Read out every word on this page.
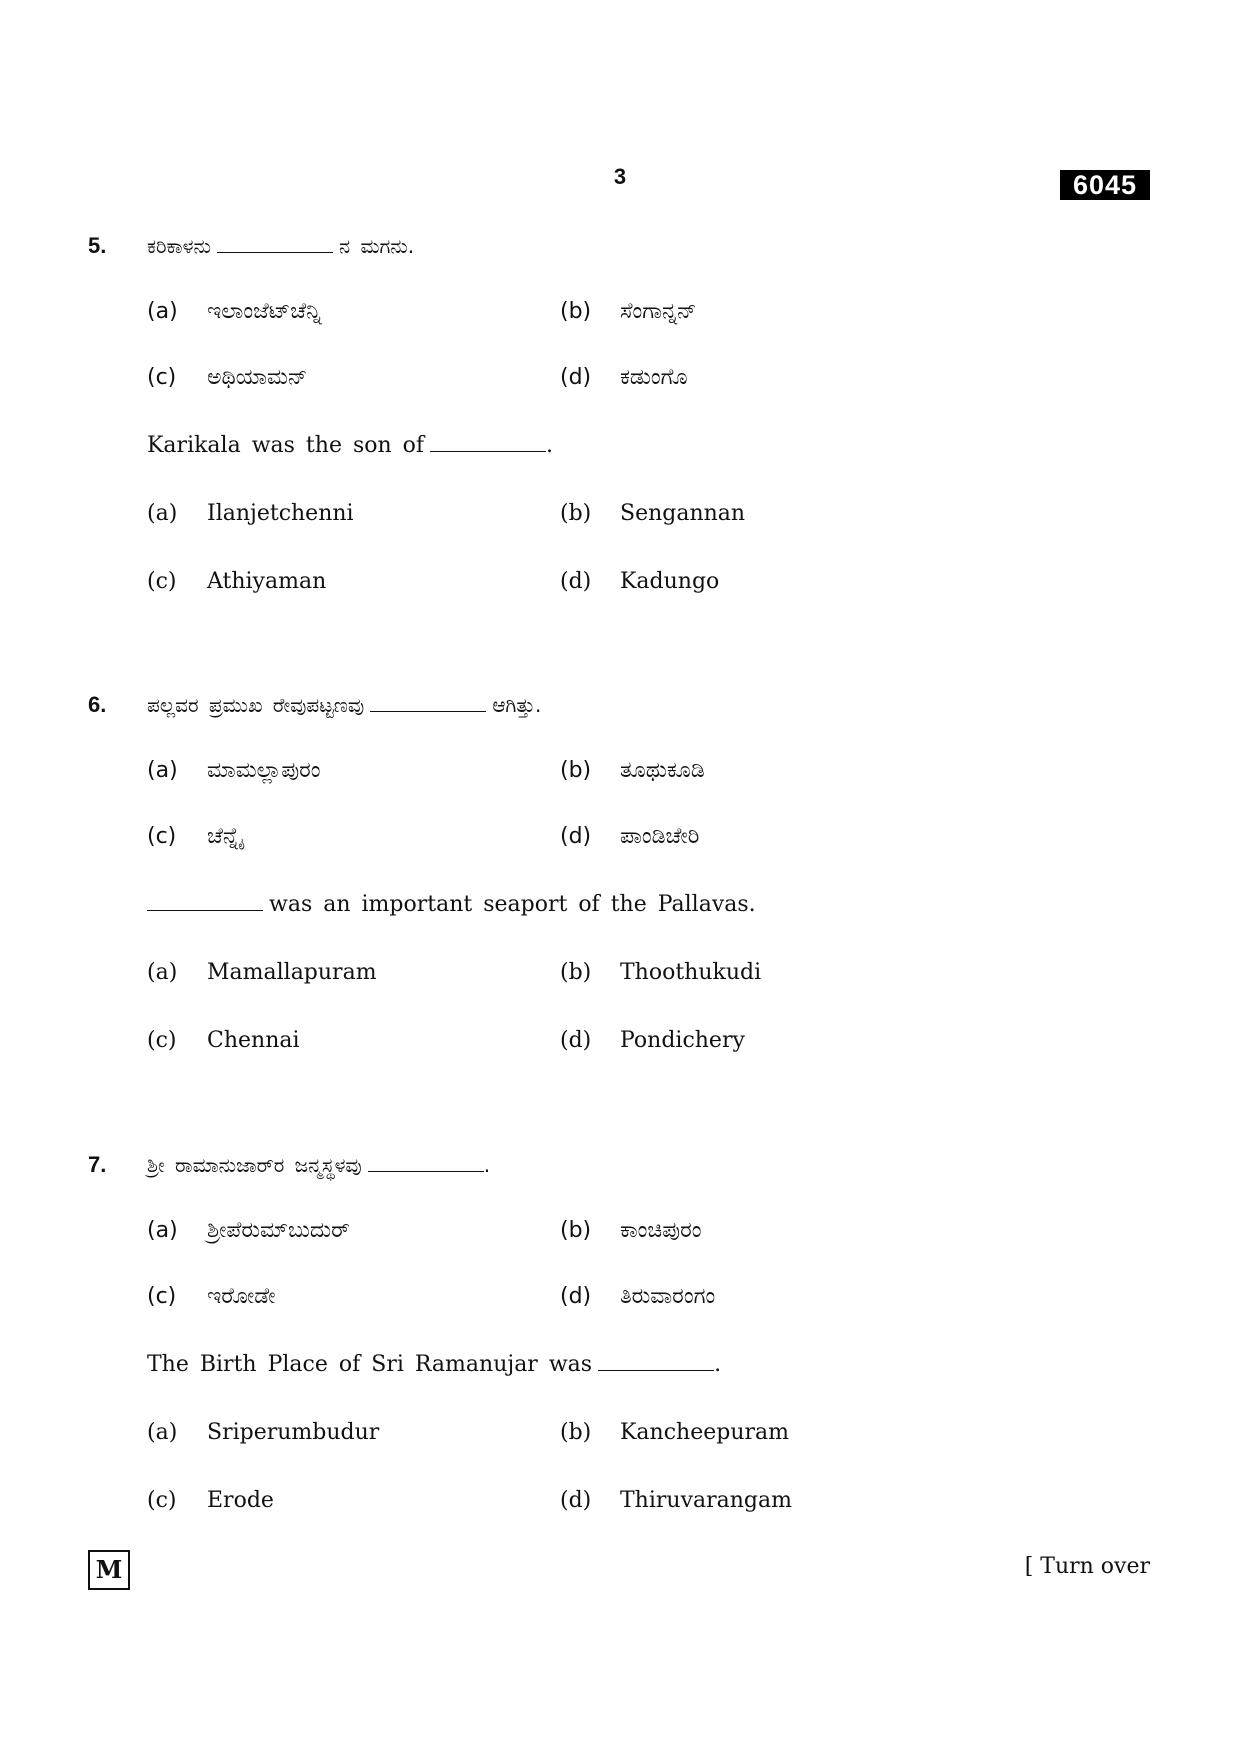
3	6045
5. ಕರಿಕಾಳನು	ನ ಮಗನು.
(a) ಇಲಾಂಜೆಟ್‌ಚೆನ್ನಿ	(b) ಸೆಂಗಾನ್ನನ್
(c) ಅಥಿಯಾಮನ್	(d) ಕಡುಂಗೊ
Karikala was the son of	.
(a) Ilanjetchenni	(b) Sengannan
(c) Athiyaman	(d) Kadungo
6. ಪಲ್ಲವರ ಪ್ರಮುಖ ರೇವುಪಟ್ಟಣವು	ಆಗಿತ್ತು.
(a) ಮಾಮಲ್ಲಾಪುರಂ	(b) ತೂಥುಕೂಡಿ
(c) ಚೆನ್ನೈ	(d) ಪಾಂಡಿಚೇರಿ
was an important seaport of the Pallavas.
(a) Mamallapuram	(b) Thoothukudi
(c) Chennai	(d) Pondichery
7. ಶ್ರೀ ರಾಮಾನುಜಾರ್‌ರ ಜನ್ಮಸ್ಥಳವು	.
(a) ಶ್ರೀಪೆರುಮ್‌ಬುದುರ್	(b) ಕಾಂಚಿಪುರಂ
(c) ಇರೋಡೇ	(d) ತಿರುವಾರಂಗಂ
The Birth Place of Sri Ramanujar was	.
(a) Sriperumbudur	(b) Kancheepuram
(c) Erode	(d) Thiruvarangam
M	[ Turn over
